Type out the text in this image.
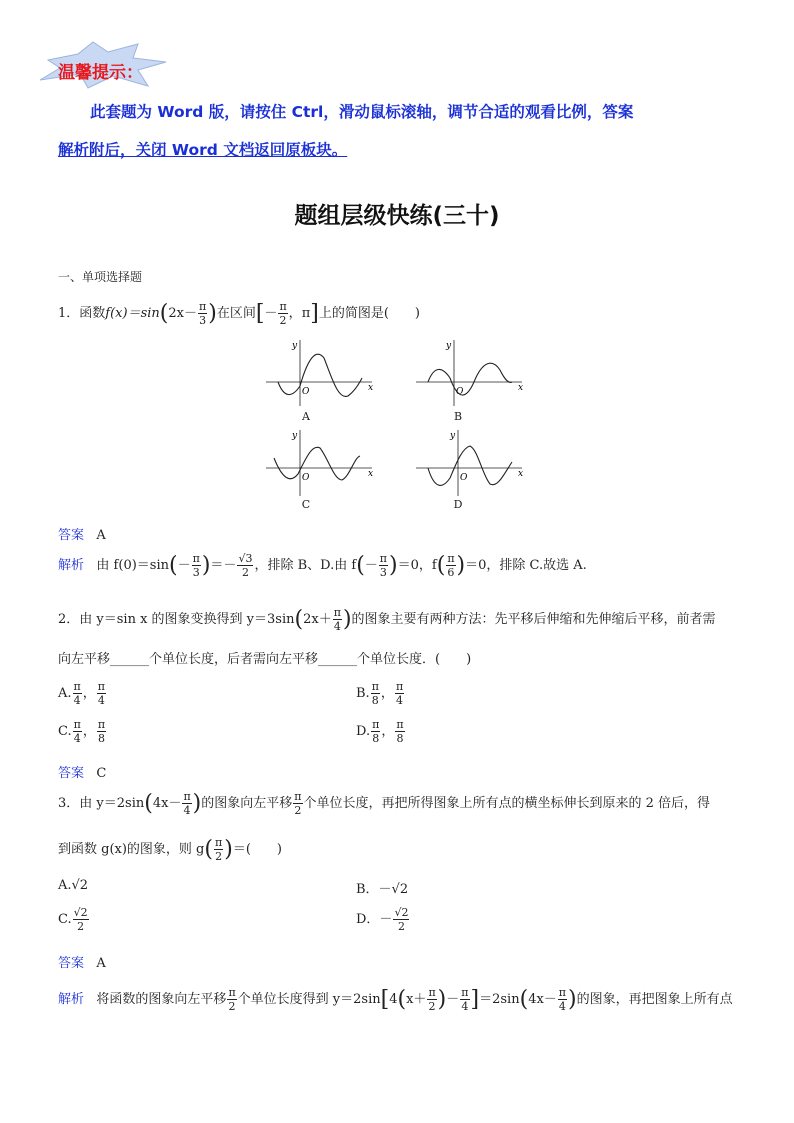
温馨提示：
此套题为 Word 版，请按住 Ctrl，滑动鼠标滚轴，调节合适的观看比例，答案
解析附后，关闭 Word 文档返回原板块。
题组层级快练(三十)
一、单项选择题
1．函数$f(x)=\sin(2x- \frac{\pi}{3}$ )在区间[－ $\frac{\pi}{2}$ ，π]上的简图是(　　)
x
y
O
A
x
y
O
B
x
y
O
C
x
y
O
D
答案 A
解析 由 $f(0)=\sin(- \frac{\pi}{3}$ )＝－ $\frac{√3}{2}$ ，排除 B、D.由 $f(- \frac{\pi}{3} )=0$，$f( \frac{\pi}{6} )=0$，排除 C.故选 A.
2．由 y＝sin x 的图象变换得到 $y=3\sin(2x+ \frac{\pi}{4}$ )的图象主要有两种方法：先平移后伸缩和先伸缩后平移，前者需
向左平移______个单位长度，后者需向左平移______个单位长度．(　　)
A. $\frac{\pi}{4}$ ， $\frac{\pi}{4}$	B. $\frac{\pi}{8}$ ， $\frac{\pi}{4}$
C. $\frac{\pi}{4}$ ， $\frac{\pi}{8}$	D. $\frac{\pi}{8}$ ， $\frac{\pi}{8}$
答案 C
3．由 $y=2\sin(4x- \frac{\pi}{4}$ )的图象向左平移 $\frac{\pi}{2}$ 个单位长度，再把所得图象上所有点的横坐标伸长到原来的 2 倍后，得
到函数 g(x)的图象，则 $g( \frac{\pi}{2}$ )＝(　　)
A.√2	B．－√2
C. $\frac{√2}{2}$	D．－ $\frac{√2}{2}$
答案 A
解析 将函数的图象向左平移 $\frac{\pi}{2}$ 个单位长度得到 $y=2\sin[4(x+ \frac{\pi}{2}$ )－ $\frac{\pi}{4} ]=2\sin(4x- \frac{\pi}{4}$ )的图象，再把图象上所有点
